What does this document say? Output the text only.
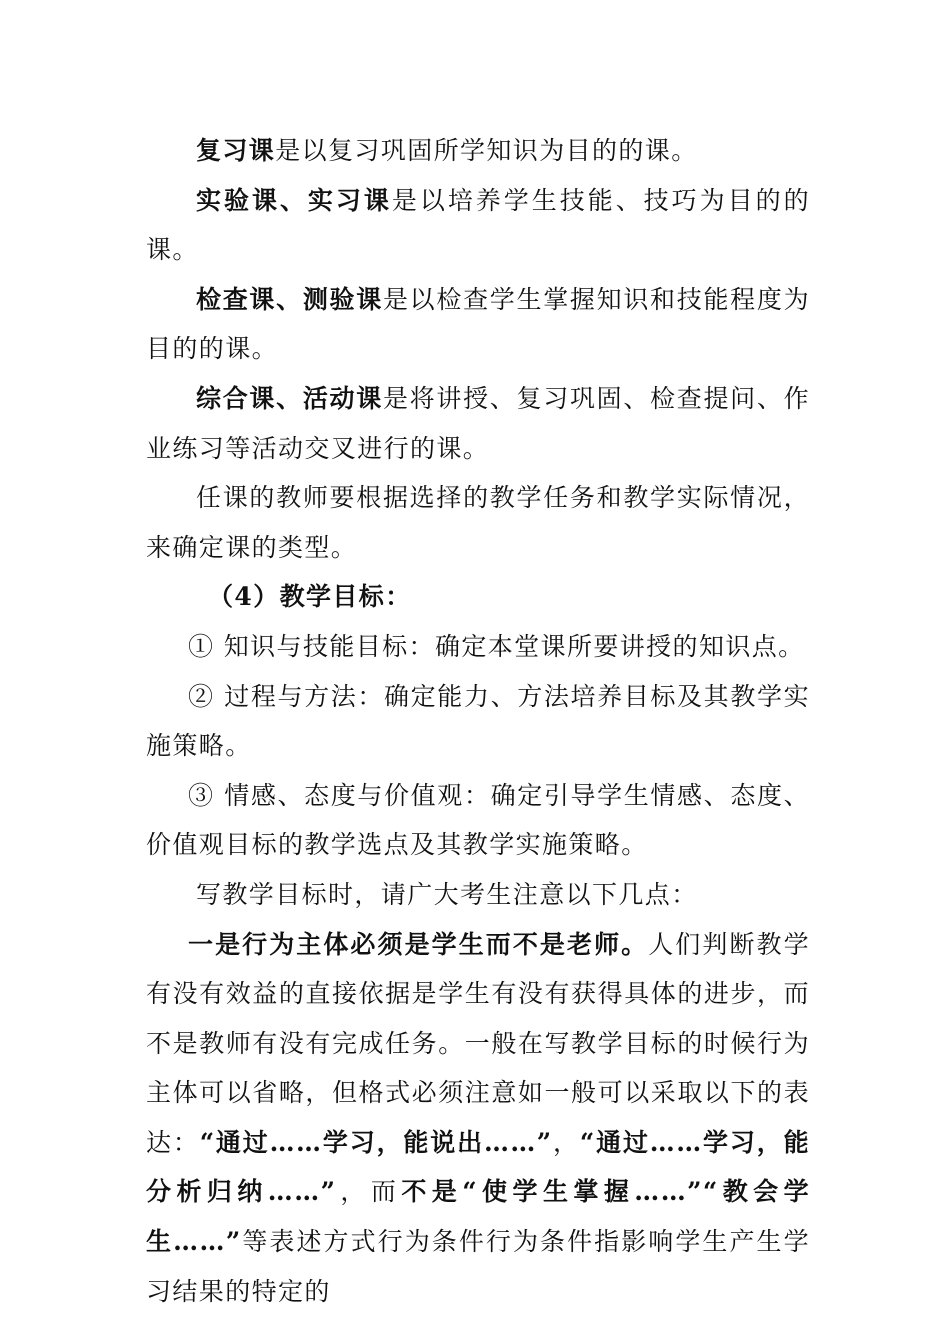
复习课是以复习巩固所学知识为目的的课。

实验课、实习课是以培养学生技能、技巧为目的的课。

检查课、测验课是以检查学生掌握知识和技能程度为目的的课。

综合课、活动课是将讲授、复习巩固、检查提问、作业练习等活动交叉进行的课。

任课的教师要根据选择的教学任务和教学实际情况，来确定课的类型。

（4）教学目标：

① 知识与技能目标：确定本堂课所要讲授的知识点。

② 过程与方法：确定能力、方法培养目标及其教学实施策略。

③ 情感、态度与价值观：确定引导学生情感、态度、价值观目标的教学选点及其教学实施策略。

写教学目标时，请广大考生注意以下几点：

一是行为主体必须是学生而不是老师。人们判断教学有没有效益的直接依据是学生有没有获得具体的进步，而不是教师有没有完成任务。一般在写教学目标的时候行为主体可以省略，但格式必须注意如一般可以采取以下的表达：“通过……学习，能说出……”，“通过……学习，能分析归纳……”，而不是“使学生掌握……”“教会学生……”等表述方式行为条件行为条件指影响学生产生学习结果的特定的
